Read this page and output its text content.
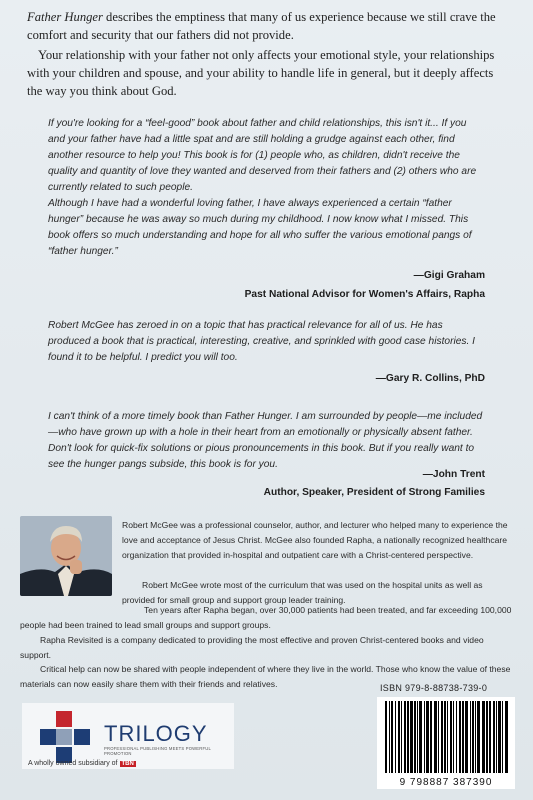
Father Hunger describes the emptiness that many of us experience because we still crave the comfort and security that our fathers did not provide.

Your relationship with your father not only affects your emotional style, your relationships with your children and spouse, and your ability to handle life in general, but it deeply affects the way you think about God.

If you're looking for a “feel-good” book about father and child relationships, this isn't it... If you and your father have had a little spat and are still holding a grudge against each other, find another resource to help you! This book is for (1) people who, as children, didn't receive the quality and quantity of love they wanted and deserved from their fathers and (2) others who are currently related to such people.

Although I have had a wonderful loving father, I have always experienced a certain “father hunger” because he was away so much during my childhood. I now know what I missed. This book offers so much understanding and hope for all who suffer the various emotional pangs of “father hunger.”

—Gigi Graham
Past National Advisor for Women's Affairs, Rapha

Robert McGee has zeroed in on a topic that has practical relevance for all of us. He has produced a book that is practical, interesting, creative, and sprinkled with good case histories. I found it to be helpful. I predict you will too.

—Gary R. Collins, PhD

I can't think of a more timely book than Father Hunger. I am surrounded by people—me included—who have grown up with a hole in their heart from an emotionally or physically absent father. Don't look for quick-fix solutions or pious pronouncements in this book. But if you really want to see the hunger pangs subside, this book is for you.

—John Trent
Author, Speaker, President of Strong Families
Robert McGee was a professional counselor, author, and lecturer who helped many to experience the love and acceptance of Jesus Christ. McGee also founded Rapha, a nationally recognized healthcare organization that provided in-hospital and outpatient care with a Christ-centered perspective.
Robert McGee wrote most of the curriculum that was used on the hospital units as well as provided for small group and support group leader training.
Ten years after Rapha began, over 30,000 patients had been treated, and far exceeding 100,000 people had been trained to lead small groups and support groups.
Rapha Revisited is a company dedicated to providing the most effective and proven Christ-centered books and video support.
Critical help can now be shared with people independent of where they live in the world. Those who know the value of these materials can now easily share them with their friends and relatives.	ISBN 979-8-88738-739-0
9 798887 387390
TRILOGY
PROFESSIONAL PUBLISHING MEETS POWERFUL PROMOTION
A wholly owned subsidiary of TBN
